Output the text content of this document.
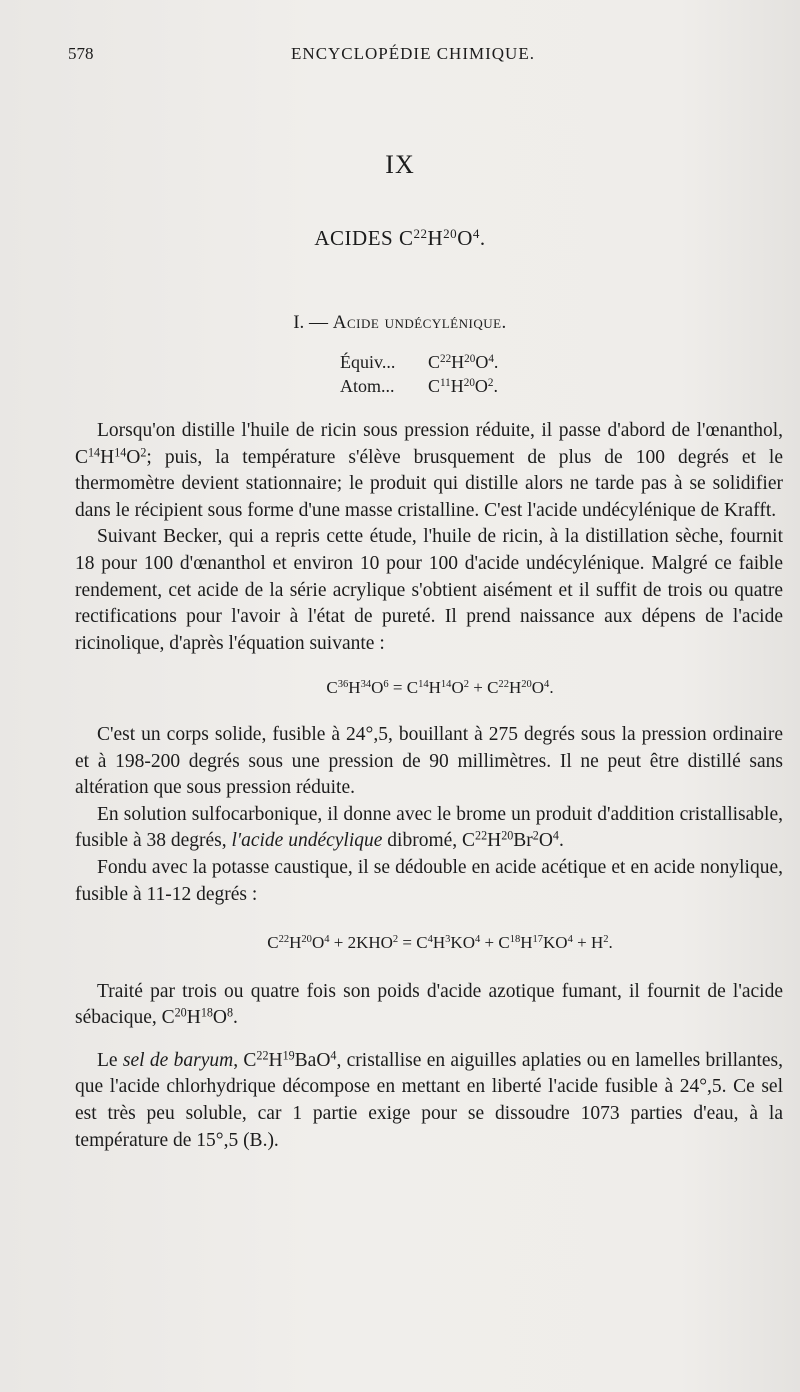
578	ENCYCLOPÉDIE CHIMIQUE.
IX
ACIDES $C^{22}H^{20}O^4$.
I. — Acide undécylénique.
Équiv... $C^{22}H^{20}O^4$.
Atom... $C^{11}H^{20}O^2$.

Lorsqu'on distille l'huile de ricin sous pression réduite, il passe d'abord de l'œnanthol, $C^{14}H^{14}O^2$; puis, la température s'élève brusquement de plus de 100 degrés et le thermomètre devient stationnaire; le produit qui distille alors ne tarde pas à se solidifier dans le récipient sous forme d'une masse cristalline. C'est l'acide undécylénique de Krafft.

Suivant Becker, qui a repris cette étude, l'huile de ricin, à la distillation sèche, fournit 18 pour 100 d'œnanthol et environ 10 pour 100 d'acide undécylénique. Malgré ce faible rendement, cet acide de la série acrylique s'obtient aisément et il suffit de trois ou quatre rectifications pour l'avoir à l'état de pureté. Il prend naissance aux dépens de l'acide ricinolique, d'après l'équation suivante :

$C^{36}H^{34}O^6 = C^{14}H^{14}O^2 + C^{22}H^{20}O^4$.

C'est un corps solide, fusible à 24°,5, bouillant à 275 degrés sous la pression ordinaire et à 198-200 degrés sous une pression de 90 millimètres. Il ne peut être distillé sans altération que sous pression réduite.

En solution sulfocarbonique, il donne avec le brome un produit d'addition cristallisable, fusible à 38 degrés, l'acide undécylique dibromé, $C^{22}H^{20}Br^2O^4$.

Fondu avec la potasse caustique, il se dédouble en acide acétique et en acide nonylique, fusible à 11-12 degrés :

$C^{22}H^{20}O^4 + 2KHO^2 = C^4H^3KO^4 + C^{18}H^{17}KO^4 + H^2$.

Traité par trois ou quatre fois son poids d'acide azotique fumant, il fournit de l'acide sébacique, $C^{20}H^{18}O^8$.

Le sel de baryum, $C^{22}H^{19}BaO^4$, cristallise en aiguilles aplaties ou en lamelles brillantes, que l'acide chlorhydrique décompose en mettant en liberté l'acide fusible à 24°,5. Ce sel est très peu soluble, car 1 partie exige pour se dissoudre 1073 parties d'eau, à la température de 15°,5 (B.).
